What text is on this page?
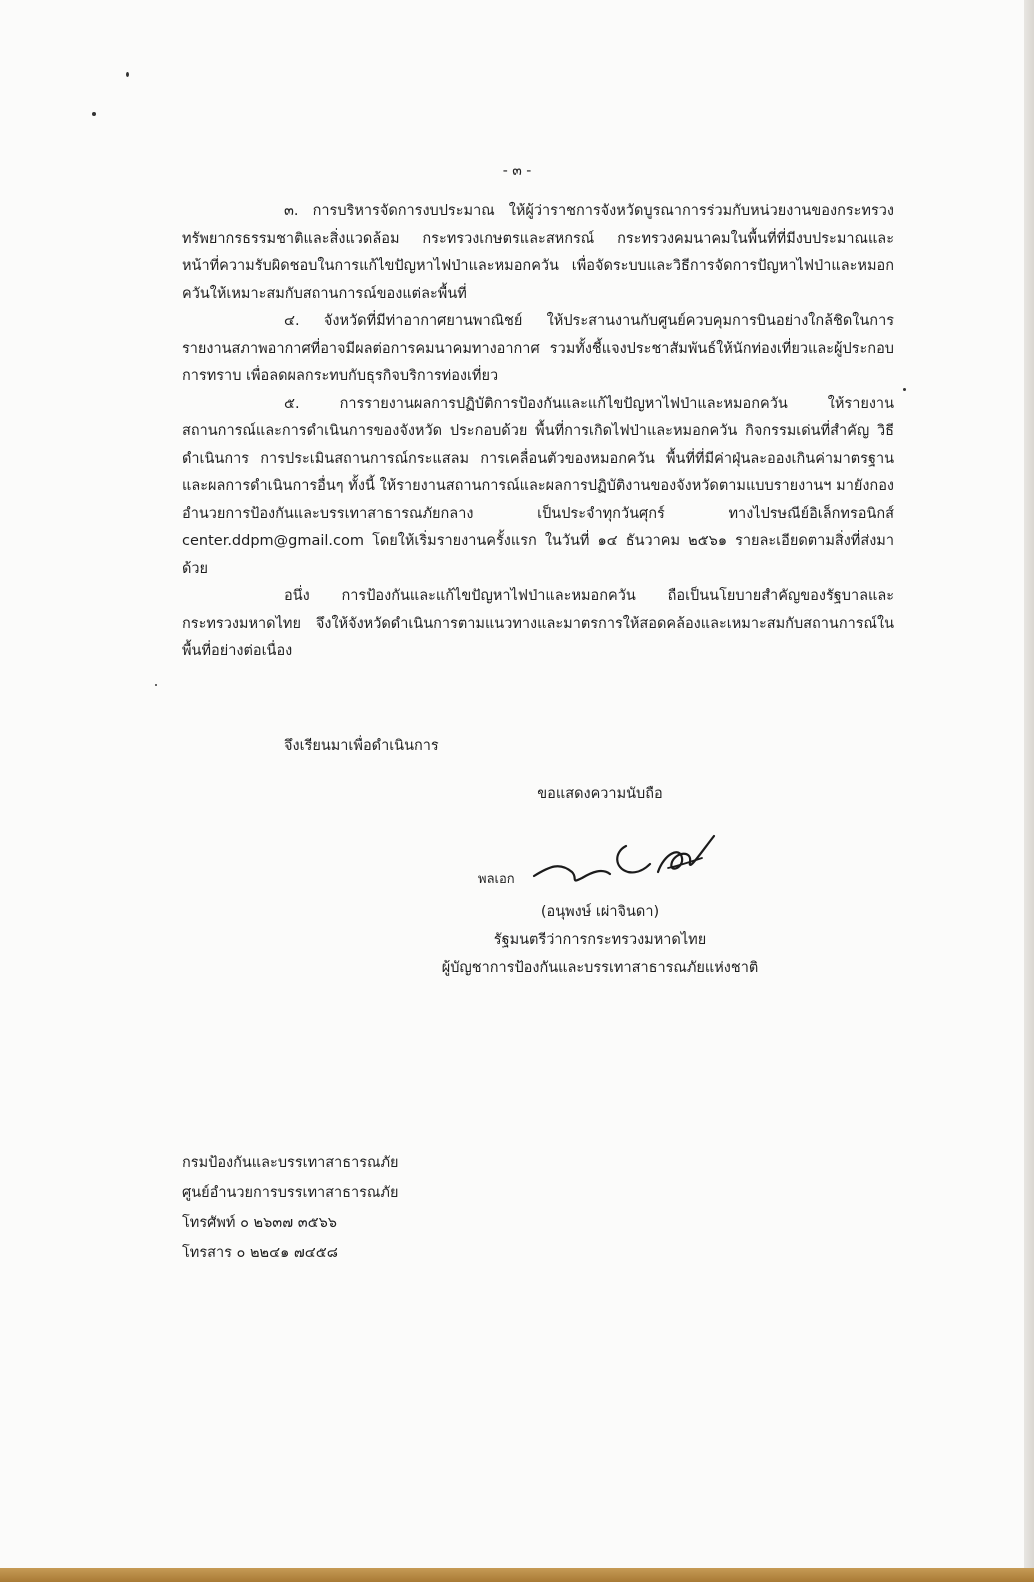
- ๓ -

๓. การบริหารจัดการงบประมาณ ให้ผู้ว่าราชการจังหวัดบูรณาการร่วมกับหน่วยงานของกระทรวงทรัพยากรธรรมชาติและสิ่งแวดล้อม กระทรวงเกษตรและสหกรณ์ กระทรวงคมนาคมในพื้นที่ที่มีงบประมาณและหน้าที่ความรับผิดชอบในการแก้ไขปัญหาไฟป่าและหมอกควัน เพื่อจัดระบบและวิธีการจัดการปัญหาไฟป่าและหมอกควันให้เหมาะสมกับสถานการณ์ของแต่ละพื้นที่

๔. จังหวัดที่มีท่าอากาศยานพาณิชย์ ให้ประสานงานกับศูนย์ควบคุมการบินอย่างใกล้ชิดในการรายงานสภาพอากาศที่อาจมีผลต่อการคมนาคมทางอากาศ รวมทั้งชี้แจงประชาสัมพันธ์ให้นักท่องเที่ยวและผู้ประกอบการทราบ เพื่อลดผลกระทบกับธุรกิจบริการท่องเที่ยว

๕. การรายงานผลการปฏิบัติการป้องกันและแก้ไขปัญหาไฟป่าและหมอกควัน ให้รายงานสถานการณ์และการดำเนินการของจังหวัด ประกอบด้วย พื้นที่การเกิดไฟป่าและหมอกควัน กิจกรรมเด่นที่สำคัญ วิธีดำเนินการ การประเมินสถานการณ์กระแสลม การเคลื่อนตัวของหมอกควัน พื้นที่ที่มีค่าฝุ่นละอองเกินค่ามาตรฐาน และผลการดำเนินการอื่นๆ ทั้งนี้ ให้รายงานสถานการณ์และผลการปฏิบัติงานของจังหวัดตามแบบรายงานฯ มายังกองอำนวยการป้องกันและบรรเทาสาธารณภัยกลาง เป็นประจำทุกวันศุกร์ ทางไปรษณีย์อิเล็กทรอนิกส์ center.ddpm@gmail.com โดยให้เริ่มรายงานครั้งแรก ในวันที่ ๑๔ ธันวาคม ๒๕๖๑ รายละเอียดตามสิ่งที่ส่งมาด้วย

อนึ่ง การป้องกันและแก้ไขปัญหาไฟป่าและหมอกควัน ถือเป็นนโยบายสำคัญของรัฐบาลและกระทรวงมหาดไทย จึงให้จังหวัดดำเนินการตามแนวทางและมาตรการให้สอดคล้องและเหมาะสมกับสถานการณ์ในพื้นที่อย่างต่อเนื่อง

จึงเรียนมาเพื่อดำเนินการ
ขอแสดงความนับถือ
พลเอก
(อนุพงษ์ เผ่าจินดา)
รัฐมนตรีว่าการกระทรวงมหาดไทย
ผู้บัญชาการป้องกันและบรรเทาสาธารณภัยแห่งชาติ
กรมป้องกันและบรรเทาสาธารณภัย
ศูนย์อำนวยการบรรเทาสาธารณภัย
โทรศัพท์ ๐ ๒๖๓๗ ๓๕๖๖
โทรสาร ๐ ๒๒๔๑ ๗๔๕๘
